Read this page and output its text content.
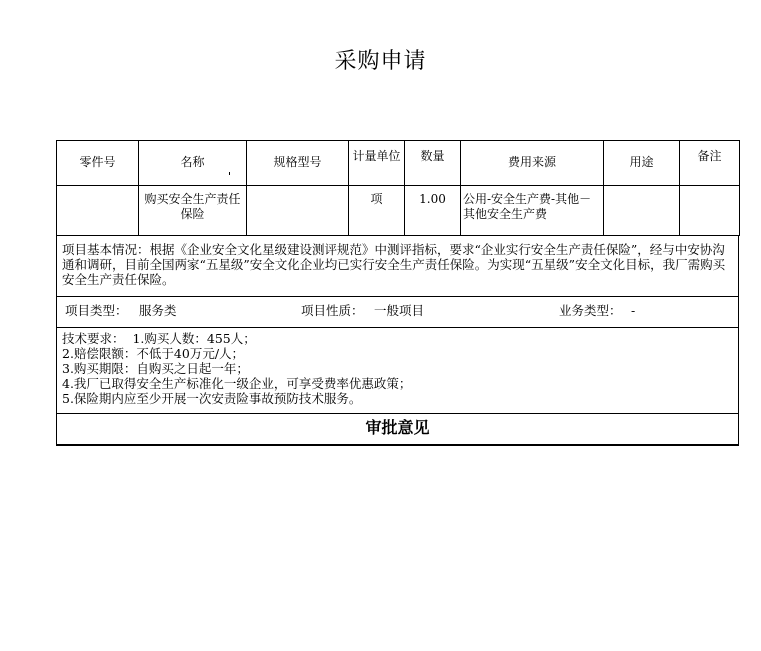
采购申请
零件号	名称	规格型号	计量单位	数量	费用来源	用途	备注
	购买安全生产责任保险		项	1.00	公用-安全生产费-其他－其他安全生产费		
项目基本情况：根据《企业安全文化星级建设测评规范》中测评指标，要求“企业实行安全生产责任保险”，经与中安协沟通和调研，目前全国两家“五星级”安全文化企业均已实行安全生产责任保险。为实现“五星级”安全文化目标，我厂需购买安全生产责任保险。
项目类型： 服务类	项目性质： 一般项目	业务类型： -
技术要求： 1.购买人数：455人；
2.赔偿限额：不低于40万元/人；
3.购买期限：自购买之日起一年；
4.我厂已取得安全生产标准化一级企业，可享受费率优惠政策；
5.保险期内应至少开展一次安责险事故预防技术服务。
审批意见
